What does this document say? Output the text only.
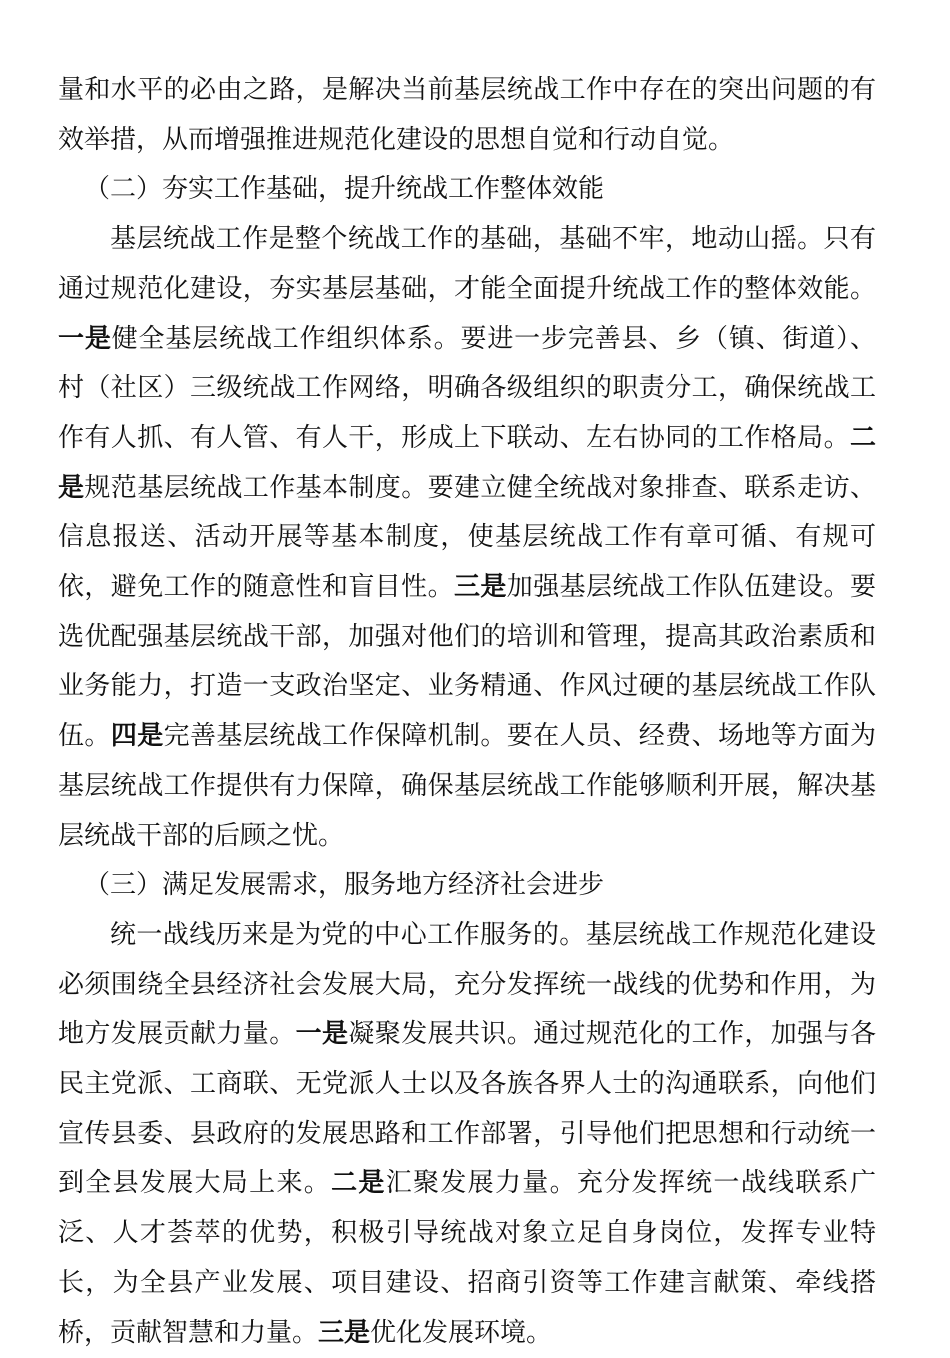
量和水平的必由之路，是解决当前基层统战工作中存在的突出问题的有效举措，从而增强推进规范化建设的思想自觉和行动自觉。

（二）夯实工作基础，提升统战工作整体效能

基层统战工作是整个统战工作的基础，基础不牢，地动山摇。只有通过规范化建设，夯实基层基础，才能全面提升统战工作的整体效能。一是健全基层统战工作组织体系。要进一步完善县、乡（镇、街道）、村（社区）三级统战工作网络，明确各级组织的职责分工，确保统战工作有人抓、有人管、有人干，形成上下联动、左右协同的工作格局。二是规范基层统战工作基本制度。要建立健全统战对象排查、联系走访、信息报送、活动开展等基本制度，使基层统战工作有章可循、有规可依，避免工作的随意性和盲目性。三是加强基层统战工作队伍建设。要选优配强基层统战干部，加强对他们的培训和管理，提高其政治素质和业务能力，打造一支政治坚定、业务精通、作风过硬的基层统战工作队伍。四是完善基层统战工作保障机制。要在人员、经费、场地等方面为基层统战工作提供有力保障，确保基层统战工作能够顺利开展，解决基层统战干部的后顾之忧。

（三）满足发展需求，服务地方经济社会进步

统一战线历来是为党的中心工作服务的。基层统战工作规范化建设必须围绕全县经济社会发展大局，充分发挥统一战线的优势和作用，为地方发展贡献力量。一是凝聚发展共识。通过规范化的工作，加强与各民主党派、工商联、无党派人士以及各族各界人士的沟通联系，向他们宣传县委、县政府的发展思路和工作部署，引导他们把思想和行动统一到全县发展大局上来。二是汇聚发展力量。充分发挥统一战线联系广泛、人才荟萃的优势，积极引导统战对象立足自身岗位，发挥专业特长，为全县产业发展、项目建设、招商引资等工作建言献策、牵线搭桥，贡献智慧和力量。三是优化发展环境。
